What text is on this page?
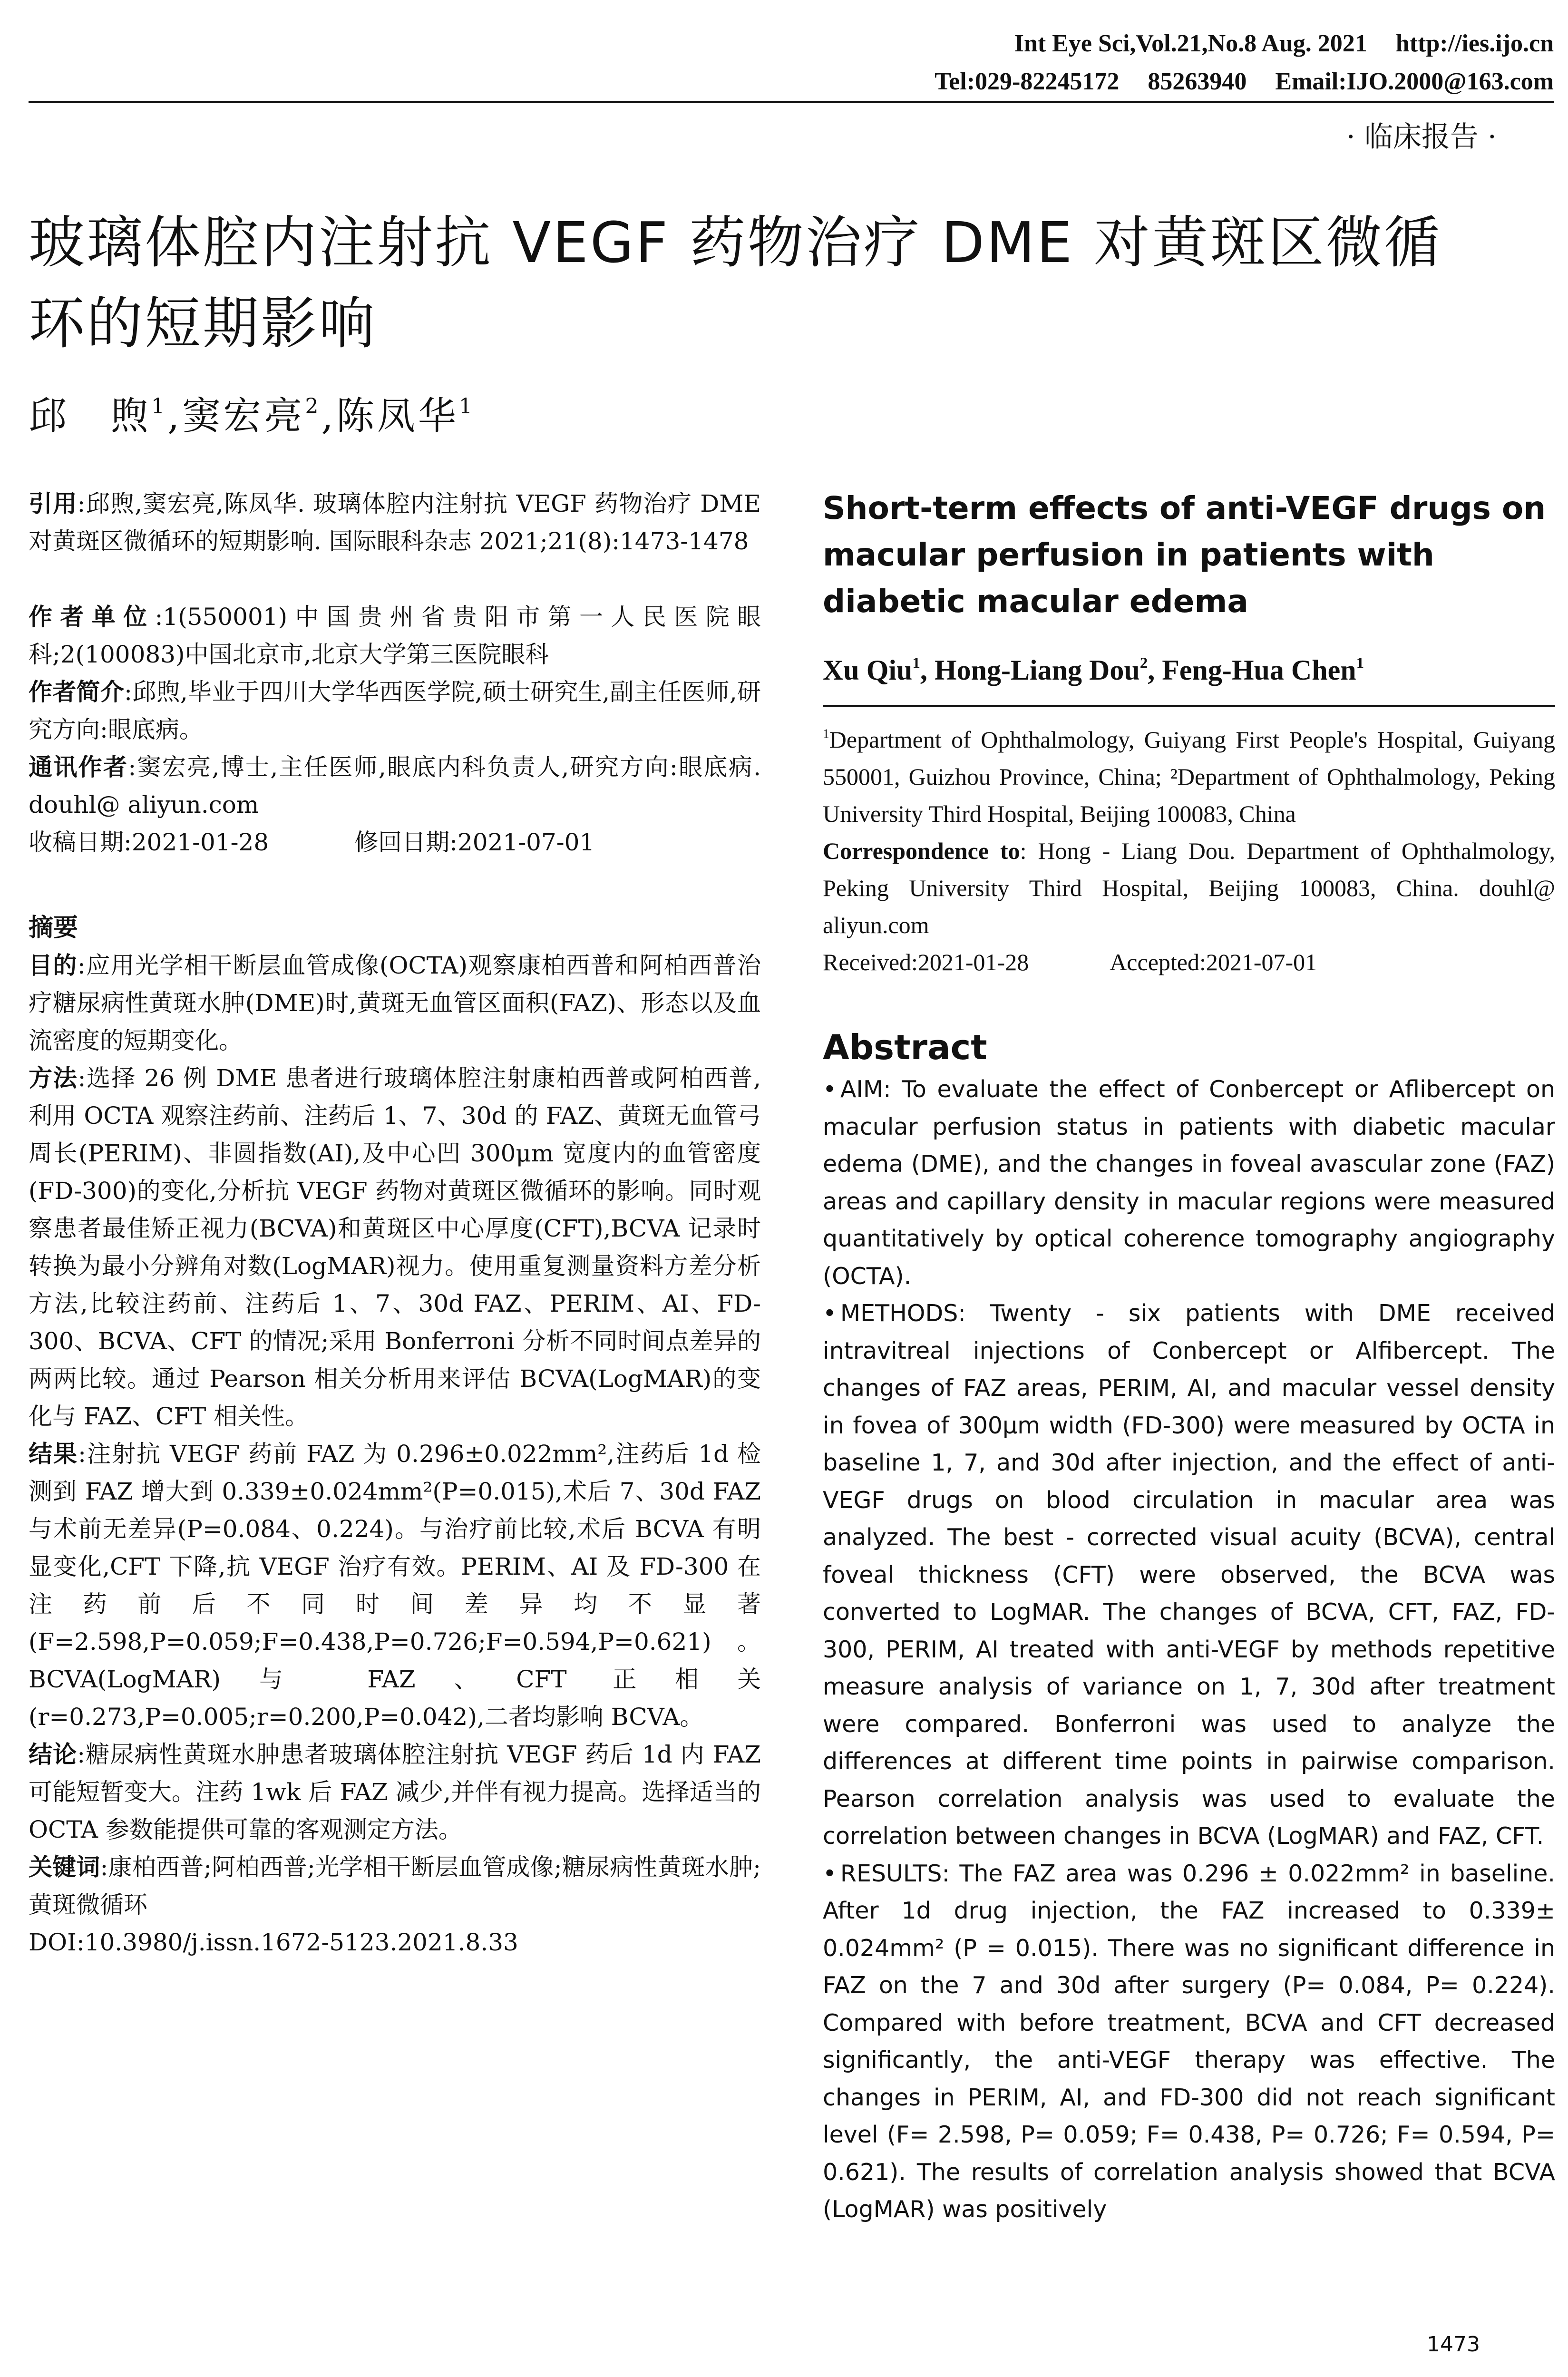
Int Eye Sci,Vol.21,No.8 Aug. 2021 http://ies.ijo.cn
Tel:029-82245172 85263940 Email:IJO.2000@163.com
· 临床报告 ·
玻璃体腔内注射抗 VEGF 药物治疗 DME 对黄斑区微循
环的短期影响
邱　煦$^1$,窦宏亮$^2$,陈凤华$^1$

引用:邱煦,窦宏亮,陈凤华. 玻璃体腔内注射抗 VEGF 药物治疗 DME 对黄斑区微循环的短期影响. 国际眼科杂志 2021;21(8):1473-1478

作者单位:1(550001)中国贵州省贵阳市第一人民医院眼科;2(100083)中国北京市,北京大学第三医院眼科

作者简介:邱煦,毕业于四川大学华西医学院,硕士研究生,副主任医师,研究方向:眼底病。

通讯作者:窦宏亮,博士,主任医师,眼底内科负责人,研究方向:眼底病. douhl@ aliyun.com

收稿日期:2021-01-28	修回日期:2021-07-01
摘要

目的:应用光学相干断层血管成像(OCTA)观察康柏西普和阿柏西普治疗糖尿病性黄斑水肿(DME)时,黄斑无血管区面积(FAZ)、形态以及血流密度的短期变化。

方法:选择 26 例 DME 患者进行玻璃体腔注射康柏西普或阿柏西普, 利用 OCTA 观察注药前、注药后 1、7、30d 的 FAZ、黄斑无血管弓周长(PERIM)、非圆指数(AI),及中心凹 300μm 宽度内的血管密度(FD-300)的变化,分析抗 VEGF 药物对黄斑区微循环的影响。同时观察患者最佳矫正视力(BCVA)和黄斑区中心厚度(CFT),BCVA 记录时转换为最小分辨角对数(LogMAR)视力。使用重复测量资料方差分析方法,比较注药前、注药后 1、7、30d FAZ、PERIM、AI、FD-300、BCVA、CFT 的情况;采用 Bonferroni 分析不同时间点差异的两两比较。通过 Pearson 相关分析用来评估 BCVA(LogMAR)的变化与 FAZ、CFT 相关性。

结果:注射抗 VEGF 药前 FAZ 为 0.296±0.022mm²,注药后 1d 检测到 FAZ 增大到 0.339±0.024mm²(P=0.015),术后 7、30d FAZ 与术前无差异(P=0.084、0.224)。与治疗前比较,术后 BCVA 有明显变化,CFT 下降,抗 VEGF 治疗有效。PERIM、AI 及 FD-300 在注药前后不同时间差异均不显著(F=2.598,P=0.059;F=0.438,P=0.726;F=0.594,P=0.621)。BCVA(LogMAR)与 FAZ、CFT 正相关(r=0.273,P=0.005;r=0.200,P=0.042),二者均影响 BCVA。

结论:糖尿病性黄斑水肿患者玻璃体腔注射抗 VEGF 药后 1d 内 FAZ 可能短暂变大。注药 1wk 后 FAZ 减少,并伴有视力提高。选择适当的 OCTA 参数能提供可靠的客观测定方法。

关键词:康柏西普;阿柏西普;光学相干断层血管成像;糖尿病性黄斑水肿;黄斑微循环

DOI:10.3980/j.issn.1672-5123.2021.8.33

Short-term effects of anti-VEGF drugs on macular perfusion in patients with diabetic macular edema
Xu Qiu$^1$, Hong-Liang Dou$^2$, Feng-Hua Chen$^1$

$^1$Department of Ophthalmology, Guiyang First People's Hospital, Guiyang 550001, Guizhou Province, China; ²Department of Ophthalmology, Peking University Third Hospital, Beijing 100083, China

Correspondence to: Hong - Liang Dou. Department of Ophthalmology, Peking University Third Hospital, Beijing 100083, China. douhl@ aliyun.com

Received:2021-01-28	Accepted:2021-07-01
Abstract

• AIM: To evaluate the effect of Conbercept or Aflibercept on macular perfusion status in patients with diabetic macular edema (DME), and the changes in foveal avascular zone (FAZ) areas and capillary density in macular regions were measured quantitatively by optical coherence tomography angiography (OCTA).

• METHODS: Twenty - six patients with DME received intravitreal injections of Conbercept or Alfibercept. The changes of FAZ areas, PERIM, AI, and macular vessel density in fovea of 300μm width (FD-300) were measured by OCTA in baseline 1, 7, and 30d after injection, and the effect of anti-VEGF drugs on blood circulation in macular area was analyzed. The best - corrected visual acuity (BCVA), central foveal thickness (CFT) were observed, the BCVA was converted to LogMAR. The changes of BCVA, CFT, FAZ, FD-300, PERIM, AI treated with anti-VEGF by methods repetitive measure analysis of variance on 1, 7, 30d after treatment were compared. Bonferroni was used to analyze the differences at different time points in pairwise comparison. Pearson correlation analysis was used to evaluate the correlation between changes in BCVA (LogMAR) and FAZ, CFT.

• RESULTS: The FAZ area was 0.296 ± 0.022mm² in baseline. After 1d drug injection, the FAZ increased to 0.339± 0.024mm² (P = 0.015). There was no significant difference in FAZ on the 7 and 30d after surgery (P= 0.084, P= 0.224). Compared with before treatment, BCVA and CFT decreased significantly, the anti-VEGF therapy was effective. The changes in PERIM, AI, and FD-300 did not reach significant level (F= 2.598, P= 0.059; F= 0.438, P= 0.726; F= 0.594, P= 0.621). The results of correlation analysis showed that BCVA (LogMAR) was positively

1473
